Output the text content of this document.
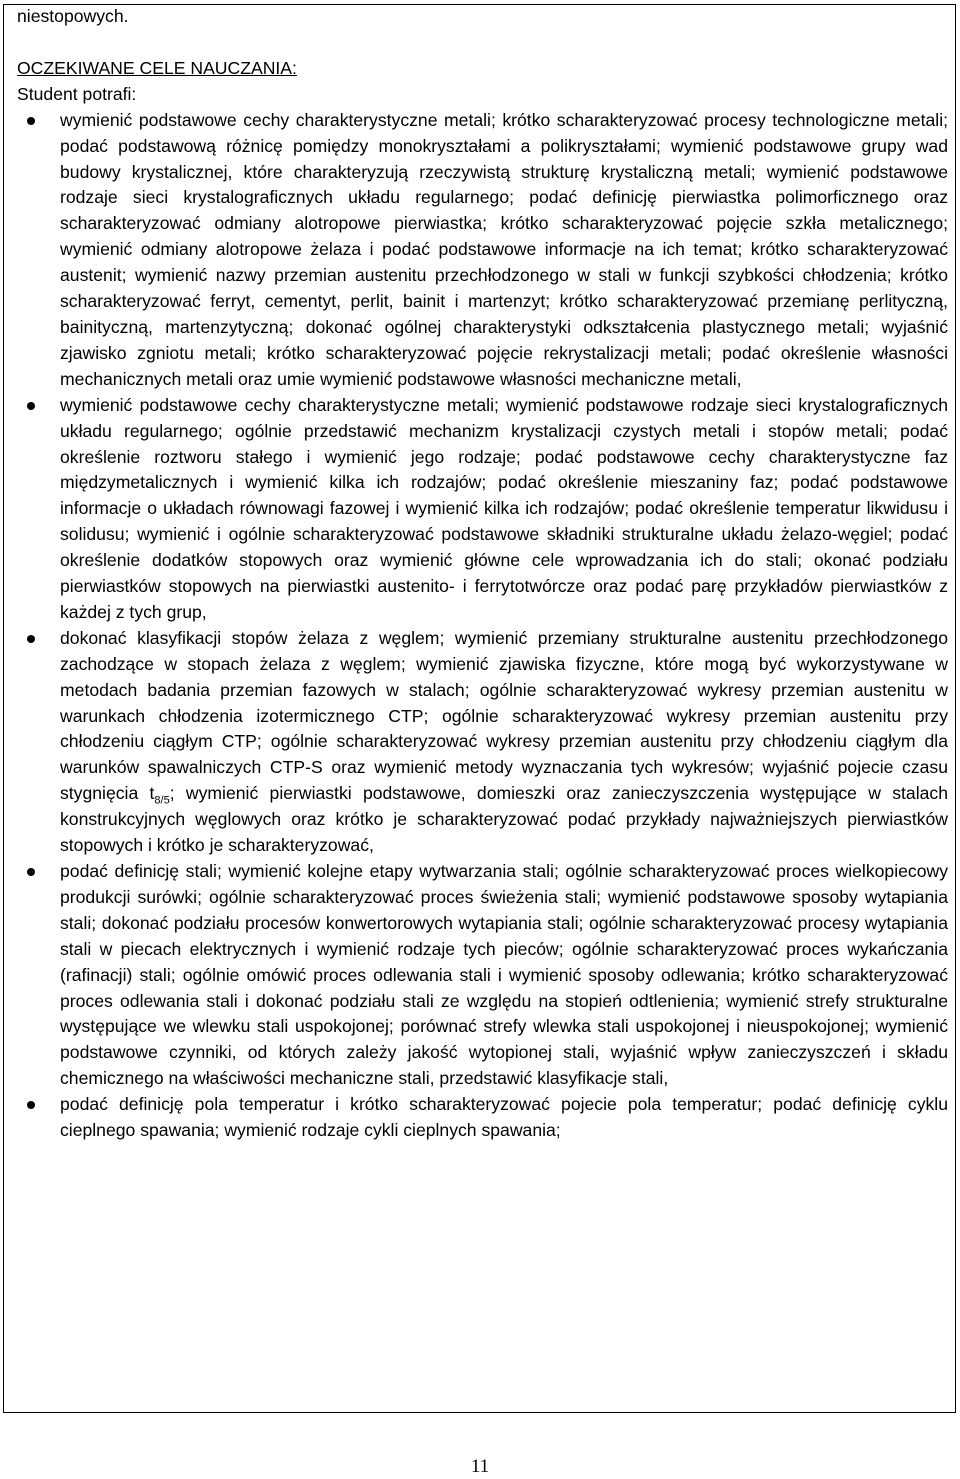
niestopowych.

OCZEKIWANE CELE NAUCZANIA:

Student potrafi:

wymienić podstawowe cechy charakterystyczne metali; krótko scharakteryzować procesy technologiczne metali; podać podstawową różnicę pomiędzy monokryształami a polikryształami; wymienić podstawowe grupy wad budowy krystalicznej, które charakteryzują rzeczywistą strukturę krystaliczną metali; wymienić podstawowe rodzaje sieci krystalograficznych układu regularnego; podać definicję pierwiastka polimorficznego oraz scharakteryzować odmiany alotropowe pierwiastka; krótko scharakteryzować pojęcie szkła metalicznego; wymienić odmiany alotropowe żelaza i podać podstawowe informacje na ich temat; krótko scharakteryzować austenit; wymienić nazwy przemian austenitu przechłodzonego w stali w funkcji szybkości chłodzenia; krótko scharakteryzować ferryt, cementyt, perlit, bainit i martenzyt; krótko scharakteryzować przemianę perlityczną, bainityczną, martenzytyczną; dokonać ogólnej charakterystyki odkształcenia plastycznego metali; wyjaśnić zjawisko zgniotu metali; krótko scharakteryzować pojęcie rekrystalizacji metali; podać określenie własności mechanicznych metali oraz umie wymienić podstawowe własności mechaniczne metali,
wymienić podstawowe cechy charakterystyczne metali; wymienić podstawowe rodzaje sieci krystalograficznych układu regularnego; ogólnie przedstawić mechanizm krystalizacji czystych metali i stopów metali; podać określenie roztworu stałego i wymienić jego rodzaje; podać podstawowe cechy charakterystyczne faz międzymetalicznych i wymienić kilka ich rodzajów; podać określenie mieszaniny faz; podać podstawowe informacje o układach równowagi fazowej i wymienić kilka ich rodzajów; podać określenie temperatur likwidusu i solidusu; wymienić i ogólnie scharakteryzować podstawowe składniki strukturalne układu żelazo-węgiel; podać określenie dodatków stopowych oraz wymienić główne cele wprowadzania ich do stali; okonać podziału pierwiastków stopowych na pierwiastki austenito- i ferrytotwórcze oraz podać parę przykładów pierwiastków z każdej z tych grup,
dokonać klasyfikacji stopów żelaza z węglem; wymienić przemiany strukturalne austenitu przechłodzonego zachodzące w stopach żelaza z węglem; wymienić zjawiska fizyczne, które mogą być wykorzystywane w metodach badania przemian fazowych w stalach; ogólnie scharakteryzować wykresy przemian austenitu w warunkach chłodzenia izotermicznego CTP; ogólnie scharakteryzować wykresy przemian austenitu przy chłodzeniu ciągłym CTP; ogólnie scharakteryzować wykresy przemian austenitu przy chłodzeniu ciągłym dla warunków spawalniczych CTP-S oraz wymienić metody wyznaczania tych wykresów; wyjaśnić pojecie czasu stygnięcia $t_{8/5}$; wymienić pierwiastki podstawowe, domieszki oraz zanieczyszczenia występujące w stalach konstrukcyjnych węglowych oraz krótko je scharakteryzować podać przykłady najważniejszych pierwiastków stopowych i krótko je scharakteryzować,
podać definicję stali; wymienić kolejne etapy wytwarzania stali; ogólnie scharakteryzować proces wielkopiecowy produkcji surówki; ogólnie scharakteryzować proces świeżenia stali; wymienić podstawowe sposoby wytapiania stali; dokonać podziału procesów konwertorowych wytapiania stali; ogólnie scharakteryzować procesy wytapiania stali w piecach elektrycznych i wymienić rodzaje tych pieców; ogólnie scharakteryzować proces wykańczania (rafinacji) stali; ogólnie omówić proces odlewania stali i wymienić sposoby odlewania; krótko scharakteryzować proces odlewania stali i dokonać podziału stali ze względu na stopień odtlenienia; wymienić strefy strukturalne występujące we wlewku stali uspokojonej; porównać strefy wlewka stali uspokojonej i nieuspokojonej; wymienić podstawowe czynniki, od których zależy jakość wytopionej stali, wyjaśnić wpływ zanieczyszczeń i składu chemicznego na właściwości mechaniczne stali, przedstawić klasyfikacje stali,
podać definicję pola temperatur i krótko scharakteryzować pojecie pola temperatur; podać definicję cyklu cieplnego spawania; wymienić rodzaje cykli cieplnych spawania;
11
